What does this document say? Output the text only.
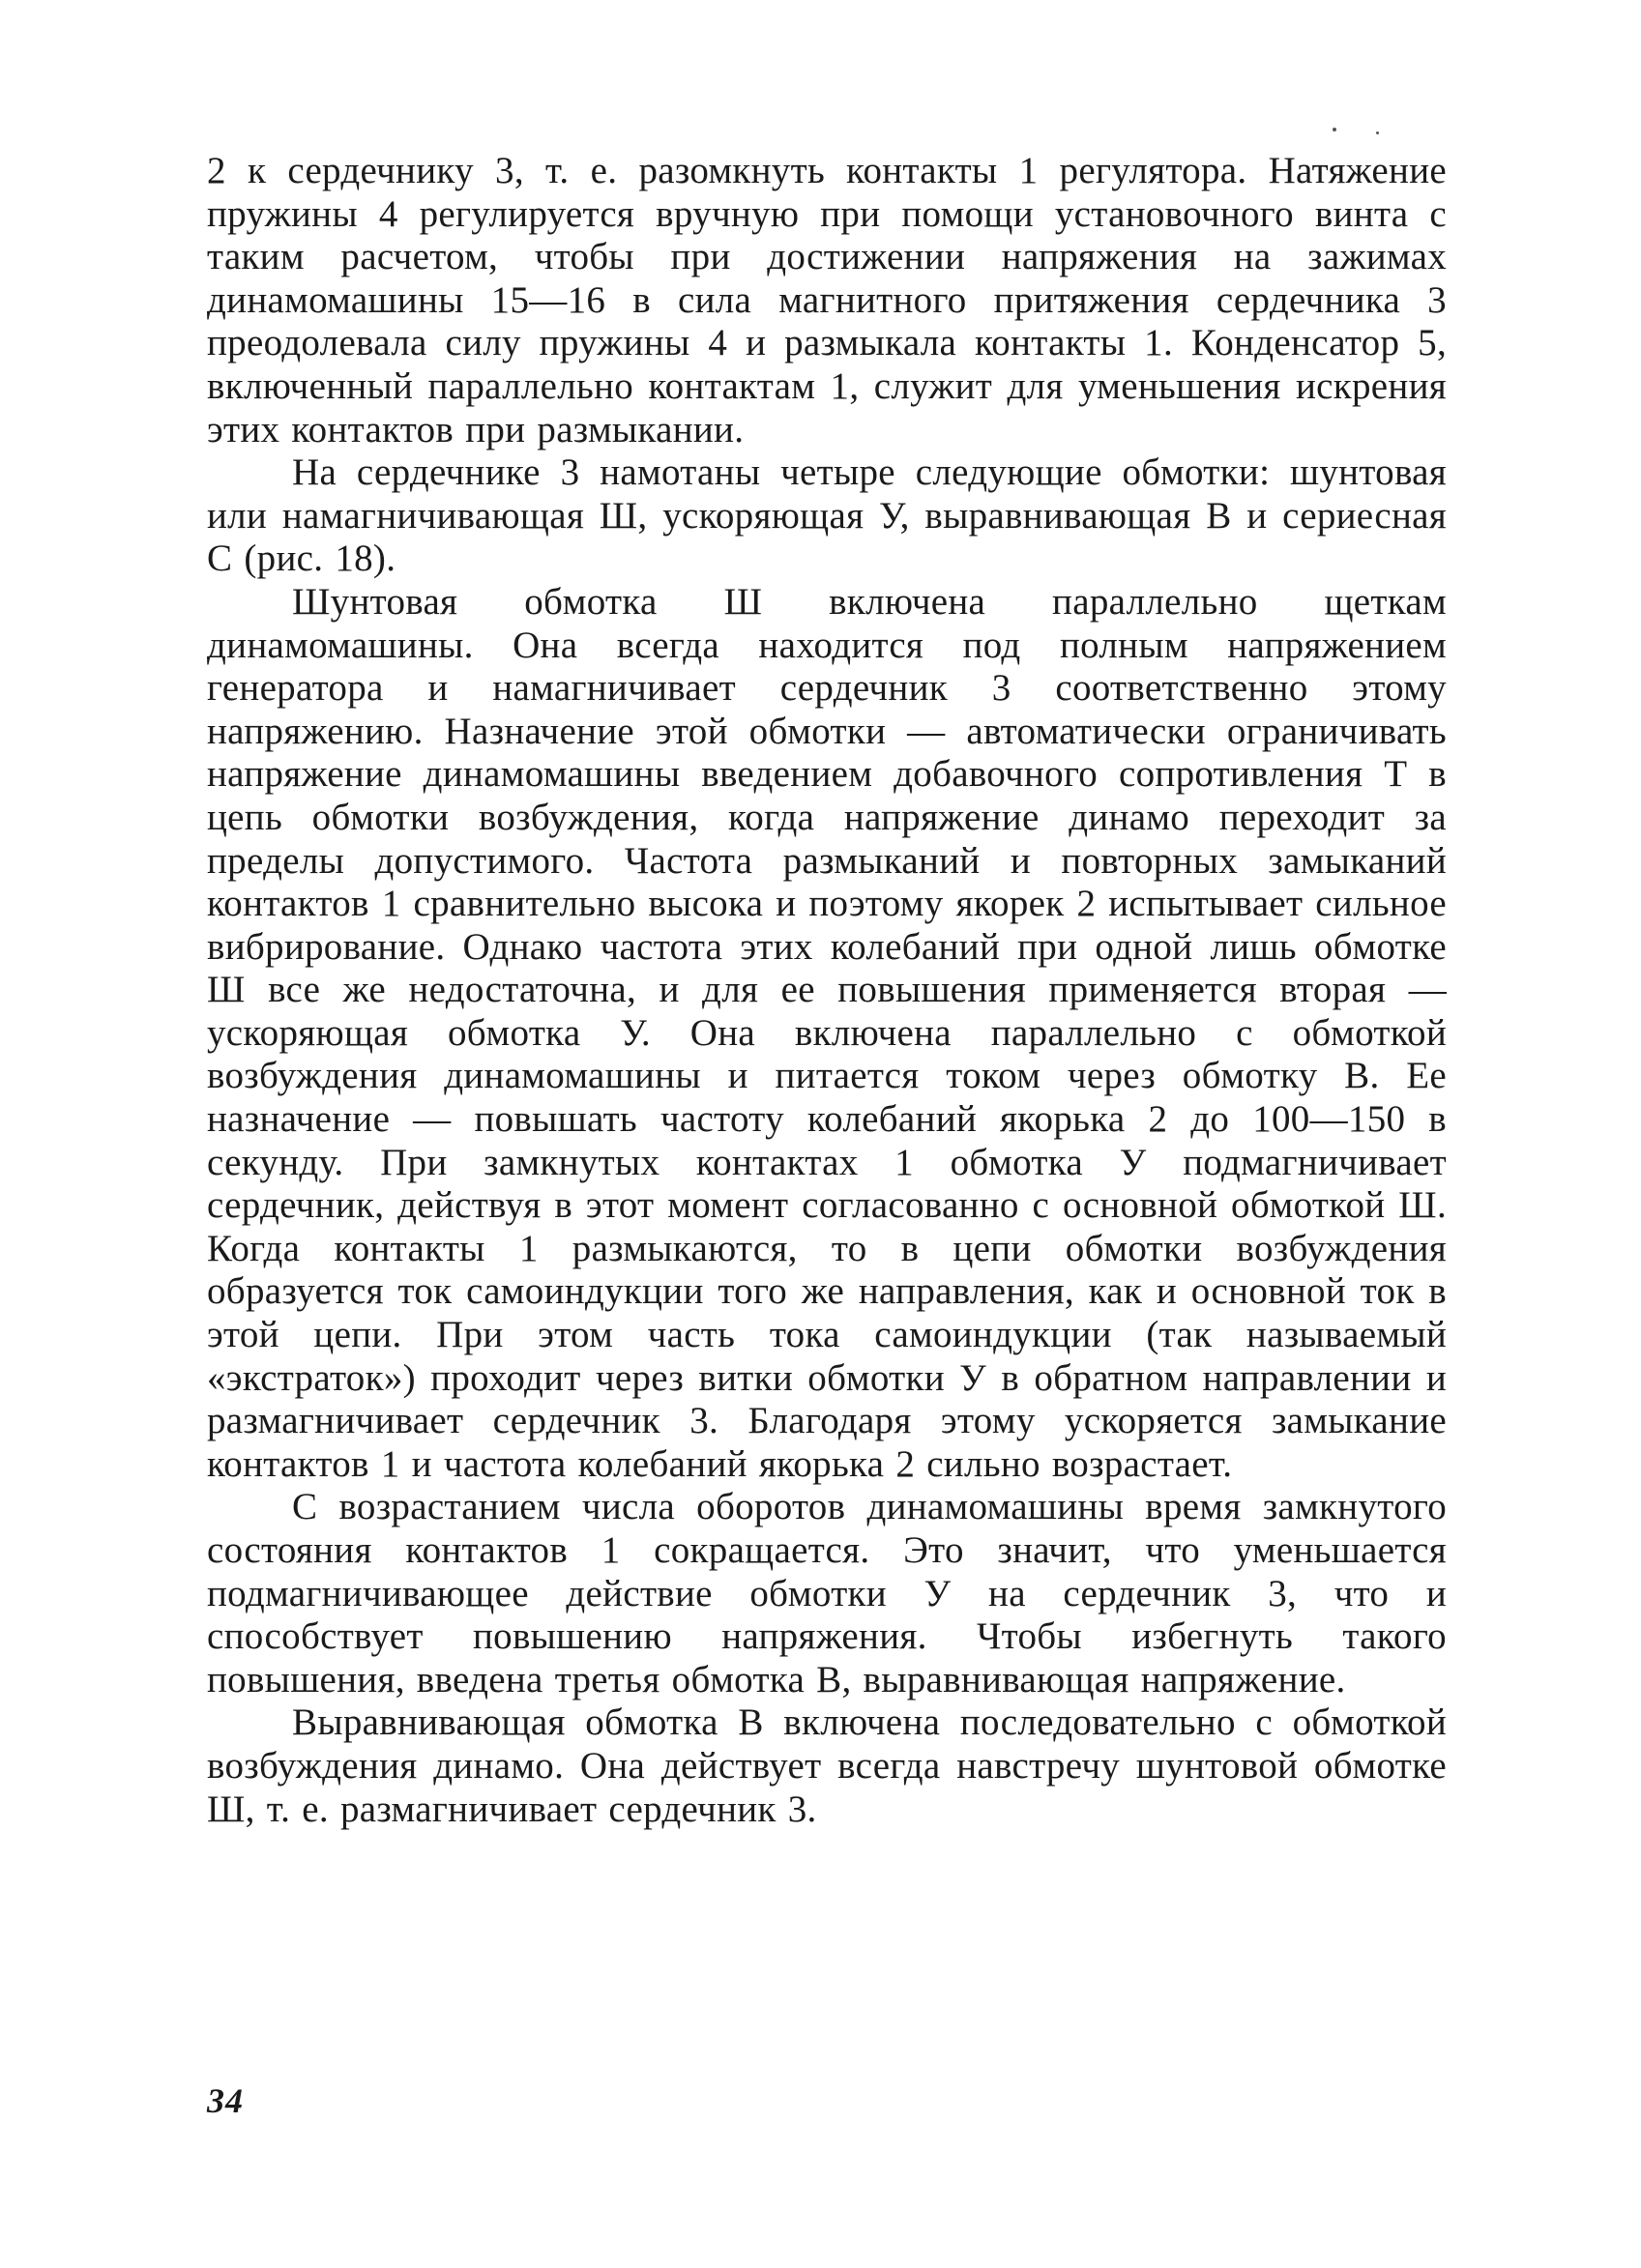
2 к сердечнику 3, т. е. разомкнуть контакты 1 регулятора. Натяжение пружины 4 регулируется вручную при помощи установочного винта с таким расчетом, чтобы при достижении напряжения на зажимах динамомашины 15—16 в сила магнитного притяжения сердечника 3 преодолевала силу пружины 4 и размыкала контакты 1. Конденсатор 5, включенный параллельно контактам 1, служит для уменьшения искрения этих контактов при размыкании.

На сердечнике 3 намотаны четыре следующие обмотки: шунтовая или намагничивающая Ш, ускоряющая У, выравнивающая В и сериесная С (рис. 18).

Шунтовая обмотка Ш включена параллельно щеткам динамомашины. Она всегда находится под полным напряжением генератора и намагничивает сердечник 3 соответственно этому напряжению. Назначение этой обмотки — автоматически ограничивать напряжение динамомашины введением добавочного сопротивления Т в цепь обмотки возбуждения, когда напряжение динамо переходит за пределы допустимого. Частота размыканий и повторных замыканий контактов 1 сравнительно высока и поэтому якорек 2 испытывает сильное вибрирование. Однако частота этих колебаний при одной лишь обмотке Ш все же недостаточна, и для ее повышения применяется вторая — ускоряющая обмотка У. Она включена параллельно с обмоткой возбуждения динамомашины и питается током через обмотку В. Ее назначение — повышать частоту колебаний якорька 2 до 100—150 в секунду. При замкнутых контактах 1 обмотка У подмагничивает сердечник, действуя в этот момент согласованно с основной обмоткой Ш. Когда контакты 1 размыкаются, то в цепи обмотки возбуждения образуется ток самоиндукции того же направления, как и основной ток в этой цепи. При этом часть тока самоиндукции (так называемый «экстраток») проходит через витки обмотки У в обратном направлении и размагничивает сердечник 3. Благодаря этому ускоряется замыкание контактов 1 и частота колебаний якорька 2 сильно возрастает.

С возрастанием числа оборотов динамомашины время замкнутого состояния контактов 1 сокращается. Это значит, что уменьшается подмагничивающее действие обмотки У на сердечник 3, что и способствует повышению напряжения. Чтобы избегнуть такого повышения, введена третья обмотка В, выравнивающая напряжение.

Выравнивающая обмотка В включена последовательно с обмоткой возбуждения динамо. Она действует всегда навстречу шунтовой обмотке Ш, т. е. размагничивает сердечник 3.

34
